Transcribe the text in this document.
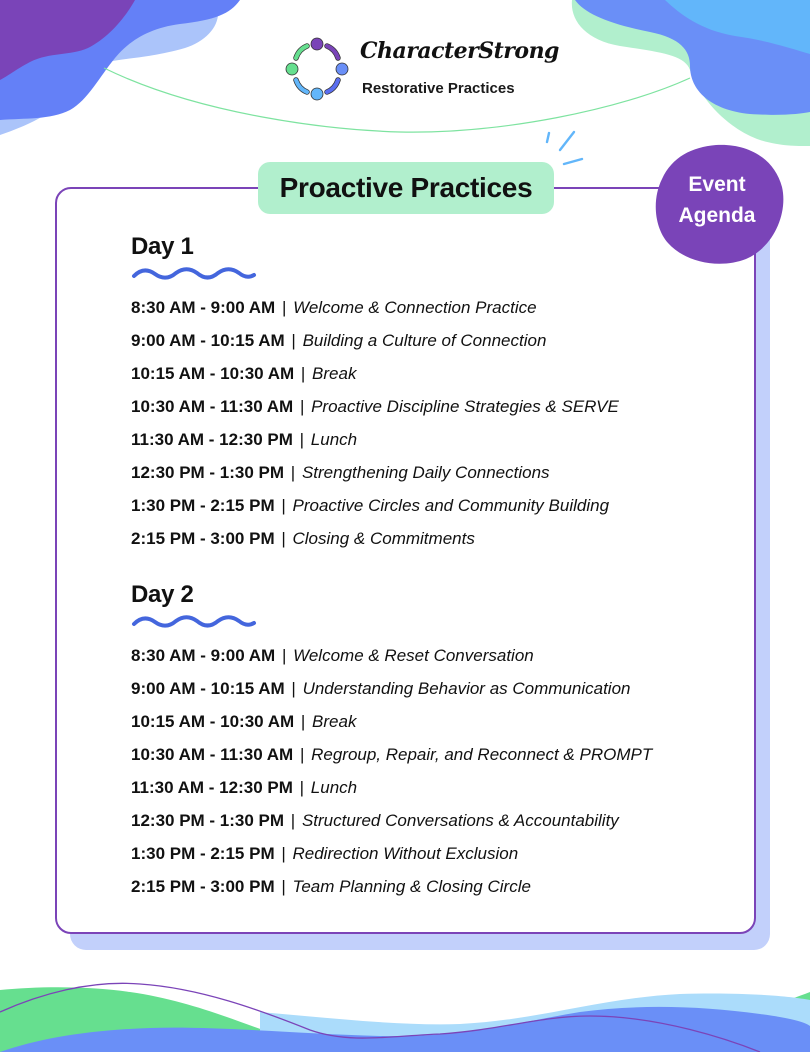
CharacterStrong
Restorative Practices
Proactive Practices	Event
Agenda
Day 1
8:30 AM - 9:00 AM | Welcome & Connection Practice
9:00 AM - 10:15 AM | Building a Culture of Connection
10:15 AM - 10:30 AM | Break
10:30 AM - 11:30 AM | Proactive Discipline Strategies & SERVE
11:30 AM - 12:30 PM | Lunch
12:30 PM - 1:30 PM | Strengthening Daily Connections
1:30 PM - 2:15 PM | Proactive Circles and Community Building
2:15 PM - 3:00 PM | Closing & Commitments
Day 2
8:30 AM - 9:00 AM | Welcome & Reset Conversation
9:00 AM - 10:15 AM | Understanding Behavior as Communication
10:15 AM - 10:30 AM | Break
10:30 AM - 11:30 AM | Regroup, Repair, and Reconnect & PROMPT
11:30 AM - 12:30 PM | Lunch
12:30 PM - 1:30 PM | Structured Conversations & Accountability
1:30 PM - 2:15 PM | Redirection Without Exclusion
2:15 PM - 3:00 PM | Team Planning & Closing Circle
